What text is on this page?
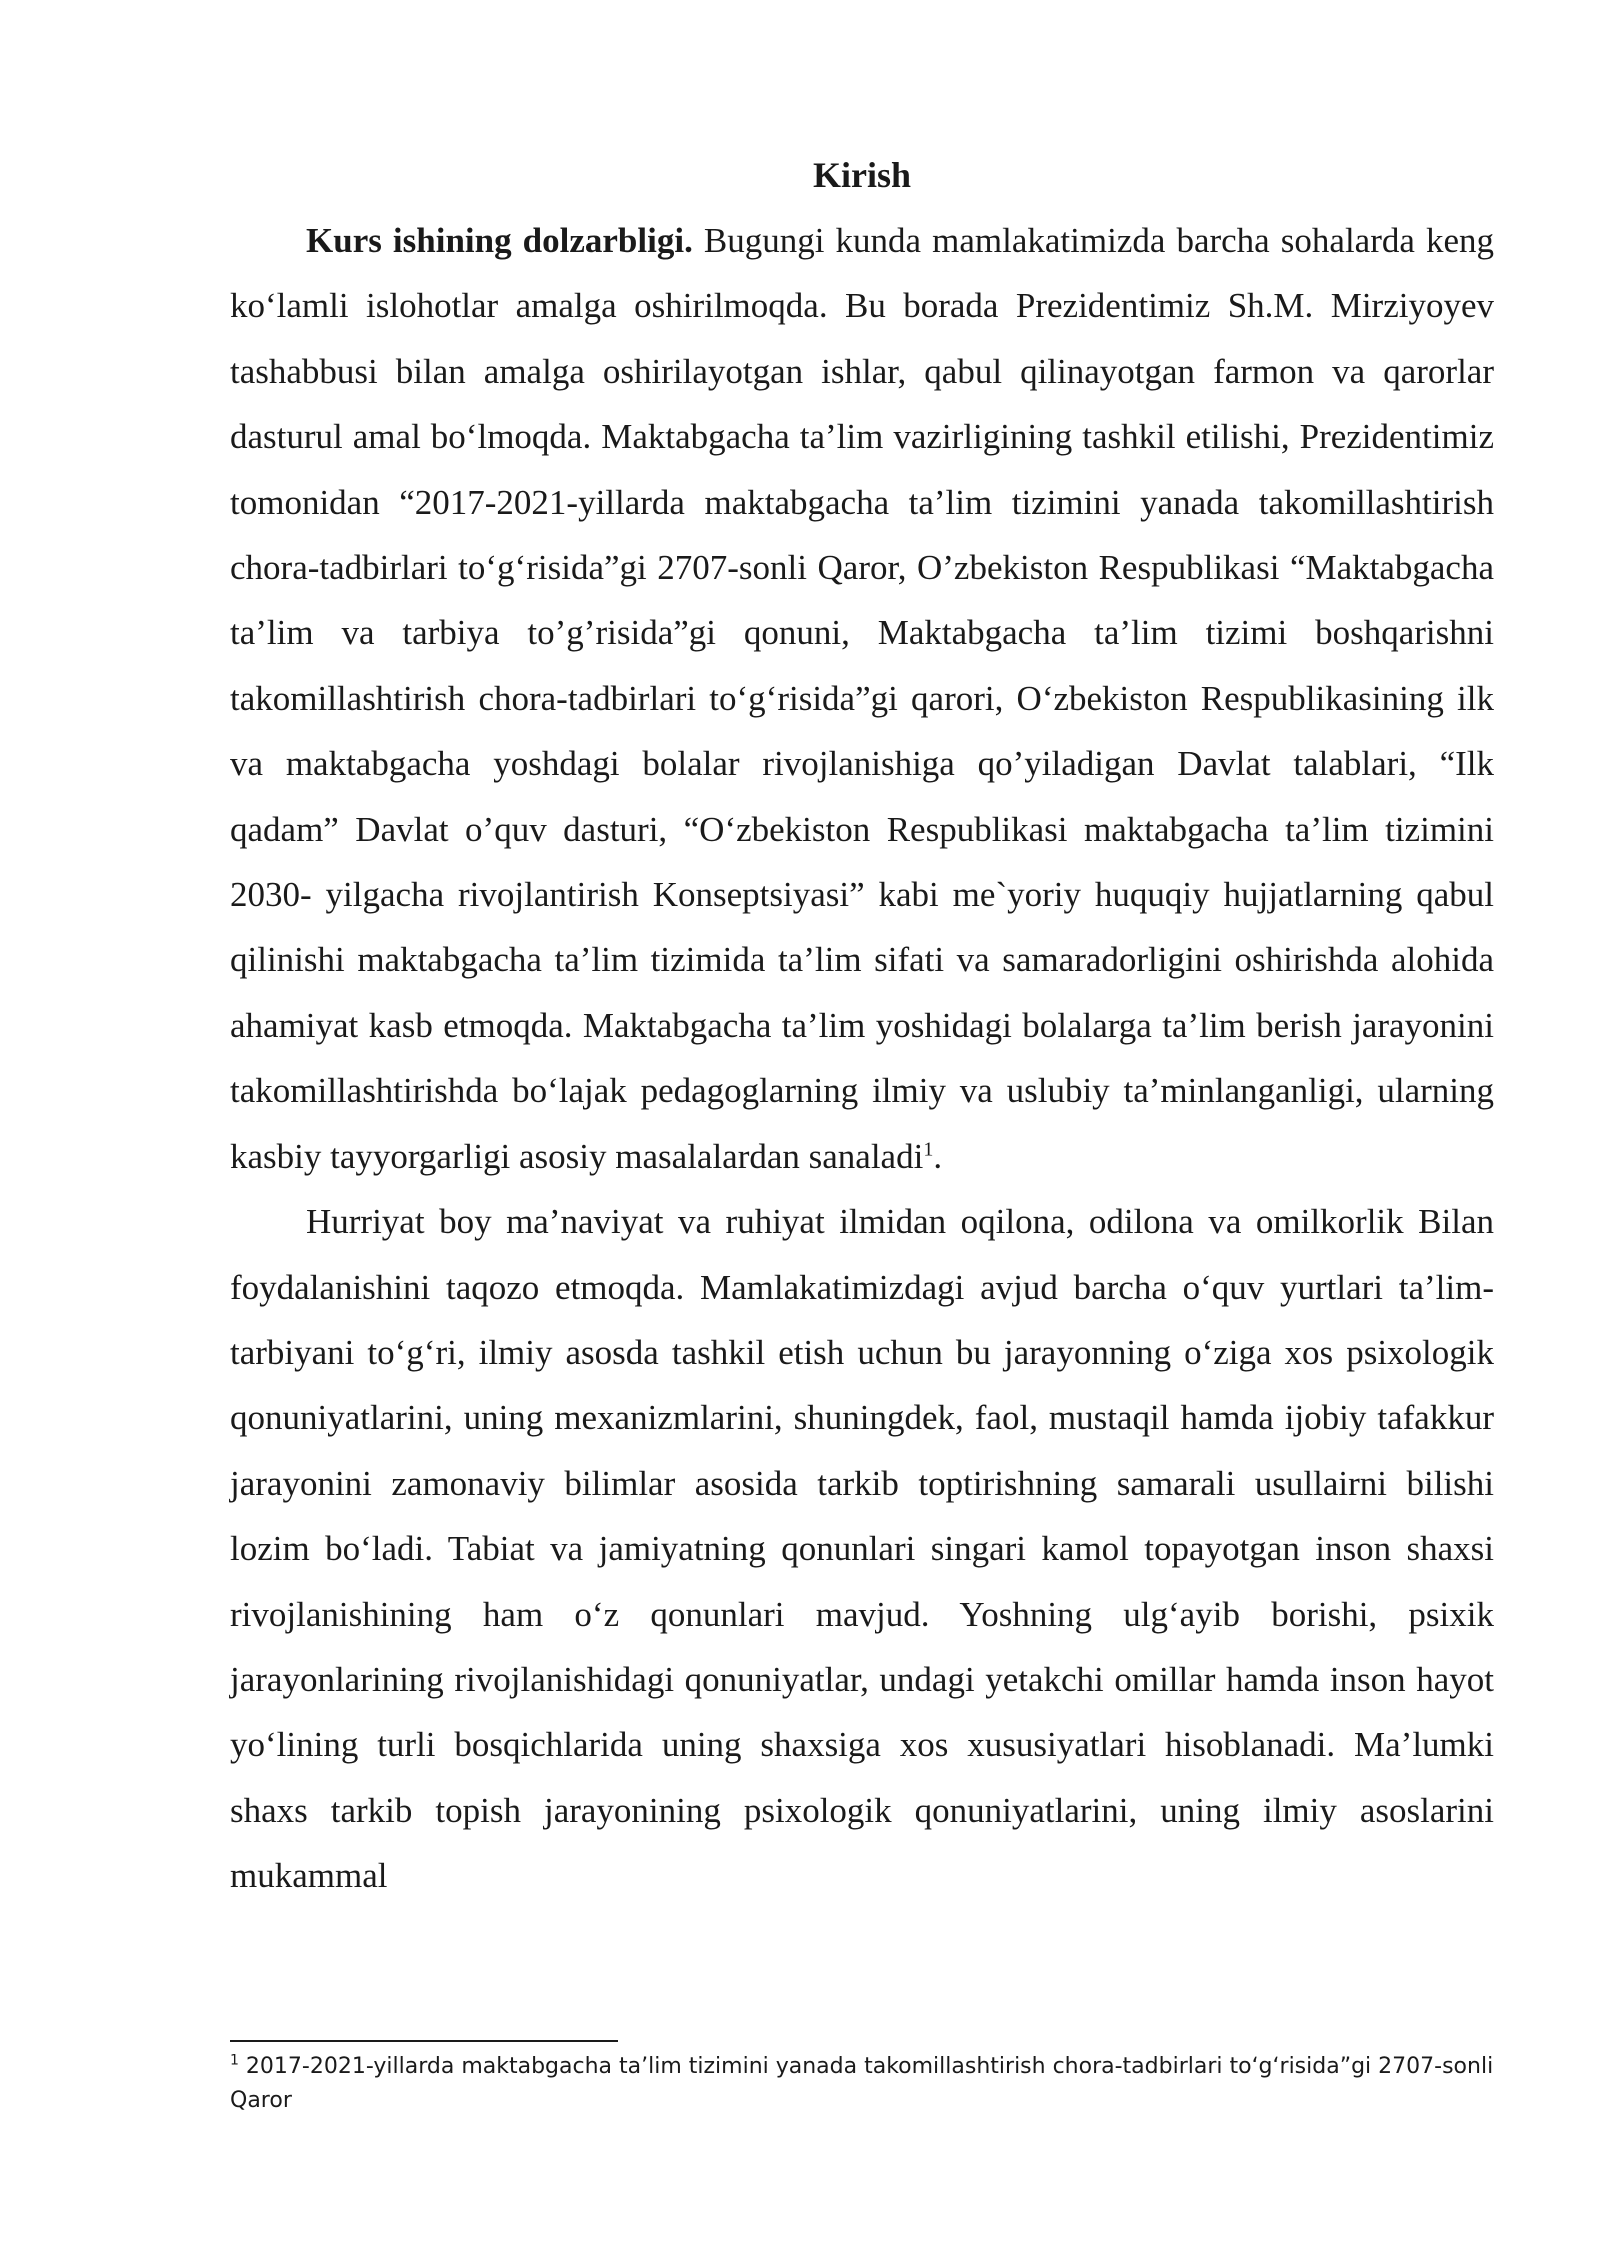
Kirish

Kurs ishining dolzarbligi. Bugungi kunda mamlakatimizda barcha sohalarda keng koʻlamli islohotlar amalga oshirilmoqda. Bu borada Prezidentimiz Sh.M. Mirziyoyev tashabbusi bilan amalga oshirilayotgan ishlar, qabul qilinayotgan farmon va qarorlar dasturul amal boʻlmoqda. Maktabgacha ta’lim vazirligining tashkil etilishi, Prezidentimiz tomonidan “2017-2021-yillarda maktabgacha ta’lim tizimini yanada takomillashtirish chora-tadbirlari toʻgʻrisida”gi 2707-sonli Qaror, O’zbekiston Respublikasi “Maktabgacha ta’lim va tarbiya to’g’risida”gi qonuni, Maktabgacha ta’lim tizimi boshqarishni takomillashtirish chora-tadbirlari toʻgʻrisida”gi qarori, Oʻzbekiston Respublikasining ilk va maktabgacha yoshdagi bolalar rivojlanishiga qo’yiladigan Davlat talablari, “Ilk qadam” Davlat o’quv dasturi, “Oʻzbekiston Respublikasi maktabgacha ta’lim tizimini 2030- yilgacha rivojlantirish Konseptsiyasi” kabi me`yoriy huquqiy hujjatlarning qabul qilinishi maktabgacha ta’lim tizimida ta’lim sifati va samaradorligini oshirishda alohida ahamiyat kasb etmoqda. Maktabgacha ta’lim yoshidagi bolalarga ta’lim berish jarayonini takomillashtirishda boʻlajak pedagoglarning ilmiy va uslubiy ta’minlanganligi, ularning kasbiy tayyorgarligi asosiy masalalardan sanaladi$^1$.

Hurriyat boy ma’naviyat va ruhiyat ilmidan oqilona, odilona va omilkorlik Bilan foydalanishini taqozo etmoqda. Mamlakatimizdagi avjud barcha oʻquv yurtlari ta’lim-tarbiyani toʻgʻri, ilmiy asosda tashkil etish uchun bu jarayonning oʻziga xos psixologik qonuniyatlarini, uning mexanizmlarini, shuningdek, faol, mustaqil hamda ijobiy tafakkur jarayonini zamonaviy bilimlar asosida tarkib toptirishning samarali usullairni bilishi lozim boʻladi. Tabiat va jamiyatning qonunlari singari kamol topayotgan inson shaxsi rivojlanishining ham oʻz qonunlari mavjud. Yoshning ulgʻayib borishi, psixik jarayonlarining rivojlanishidagi qonuniyatlar, undagi yetakchi omillar hamda inson hayot yoʻlining turli bosqichlarida uning shaxsiga xos xususiyatlari hisoblanadi. Ma’lumki shaxs tarkib topish jarayonining psixologik qonuniyatlarini, uning ilmiy asoslarini mukammal

$^1$ 2017-2021-yillarda maktabgacha ta’lim tizimini yanada takomillashtirish chora-tadbirlari toʻgʻrisida”gi 2707-sonli Qaror
